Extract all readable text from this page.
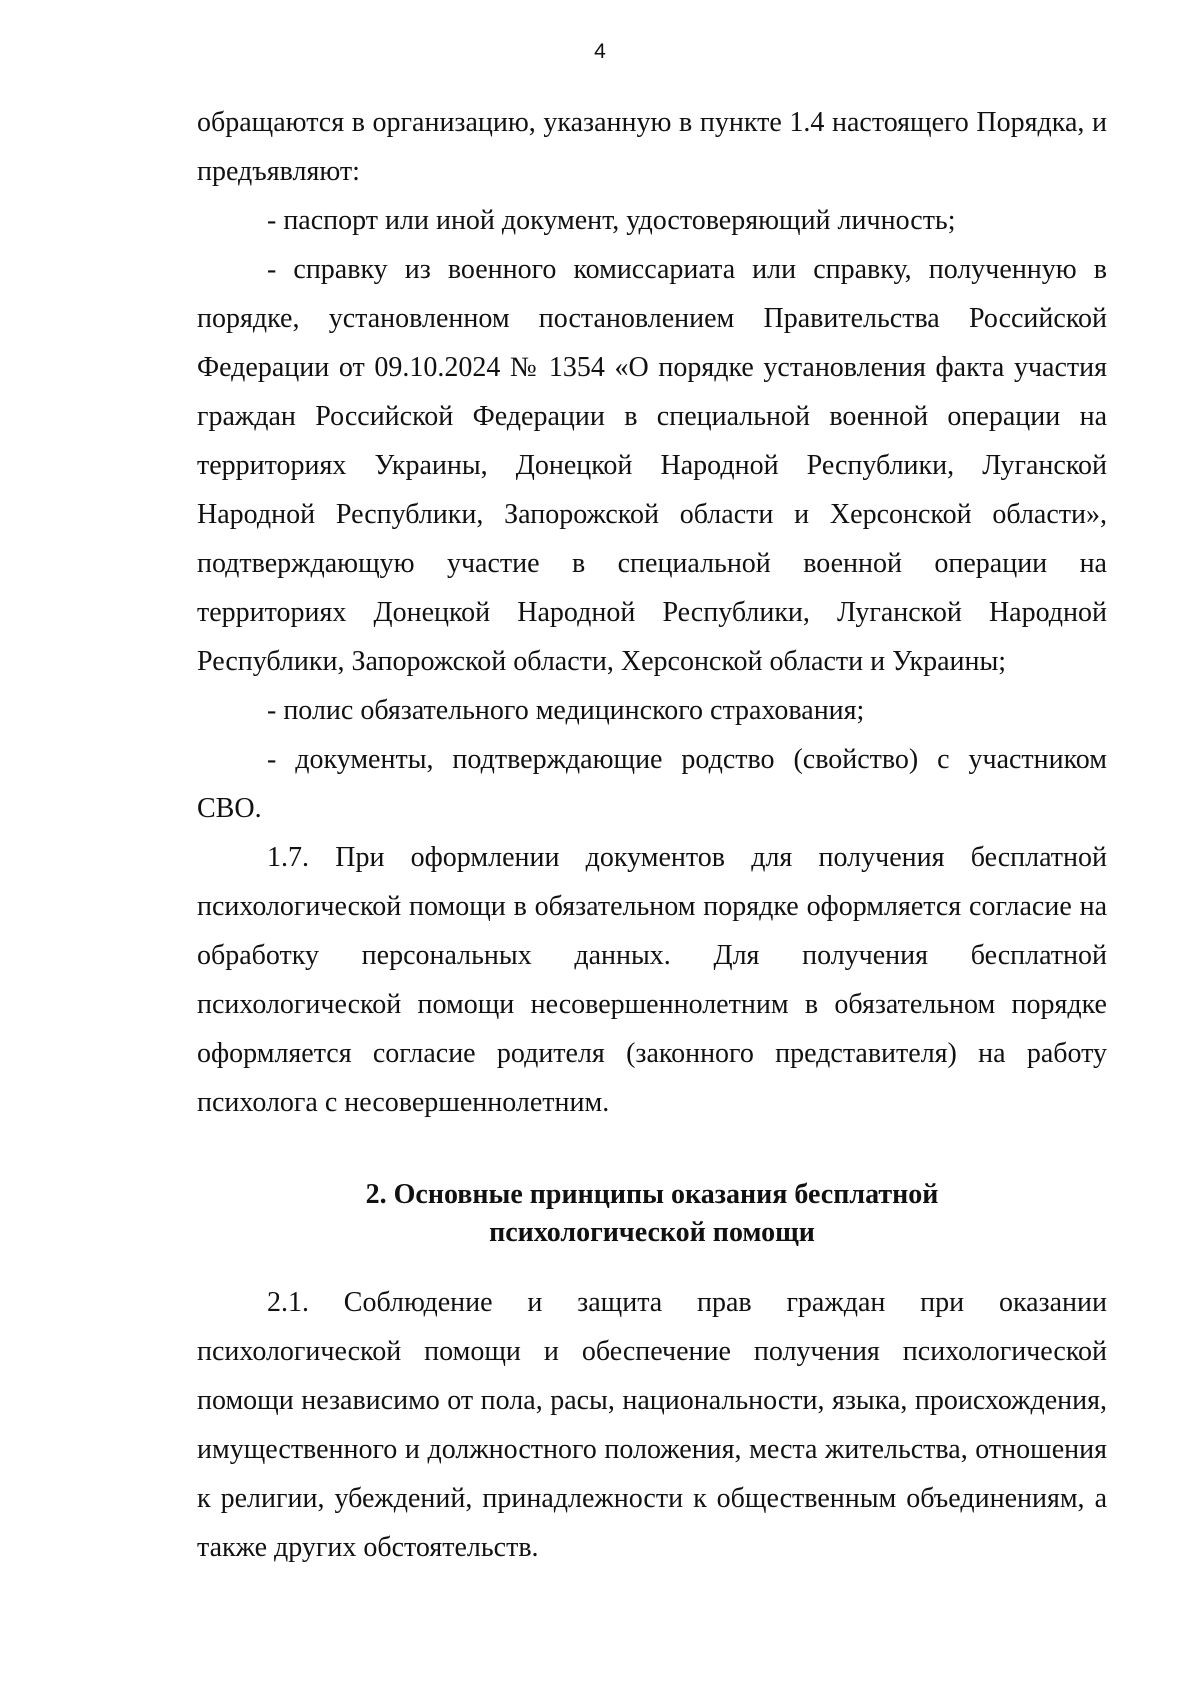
4

обращаются в организацию, указанную в пункте 1.4 настоящего Порядка, и предъявляют:

- паспорт или иной документ, удостоверяющий личность;

- справку из военного комиссариата или справку, полученную в порядке, установленном постановлением Правительства Российской Федерации от 09.10.2024 № 1354 «О порядке установления факта участия граждан Российской Федерации в специальной военной операции на территориях Украины, Донецкой Народной Республики, Луганской Народной Республики, Запорожской области и Херсонской области», подтверждающую участие в специальной военной операции на территориях Донецкой Народной Республики, Луганской Народной Республики, Запорожской области, Херсонской области и Украины;

- полис обязательного медицинского страхования;

- документы, подтверждающие родство (свойство) с участником СВО.

1.7. При оформлении документов для получения бесплатной психологической помощи в обязательном порядке оформляется согласие на обработку персональных данных. Для получения бесплатной психологической помощи несовершеннолетним в обязательном порядке оформляется согласие родителя (законного представителя) на работу психолога с несовершеннолетним.

2. Основные принципы оказания бесплатной
психологической помощи

2.1. Соблюдение и защита прав граждан при оказании психологической помощи и обеспечение получения психологической помощи независимо от пола, расы, национальности, языка, происхождения, имущественного и должностного положения, места жительства, отношения к религии, убеждений, принадлежности к общественным объединениям, а также других обстоятельств.
